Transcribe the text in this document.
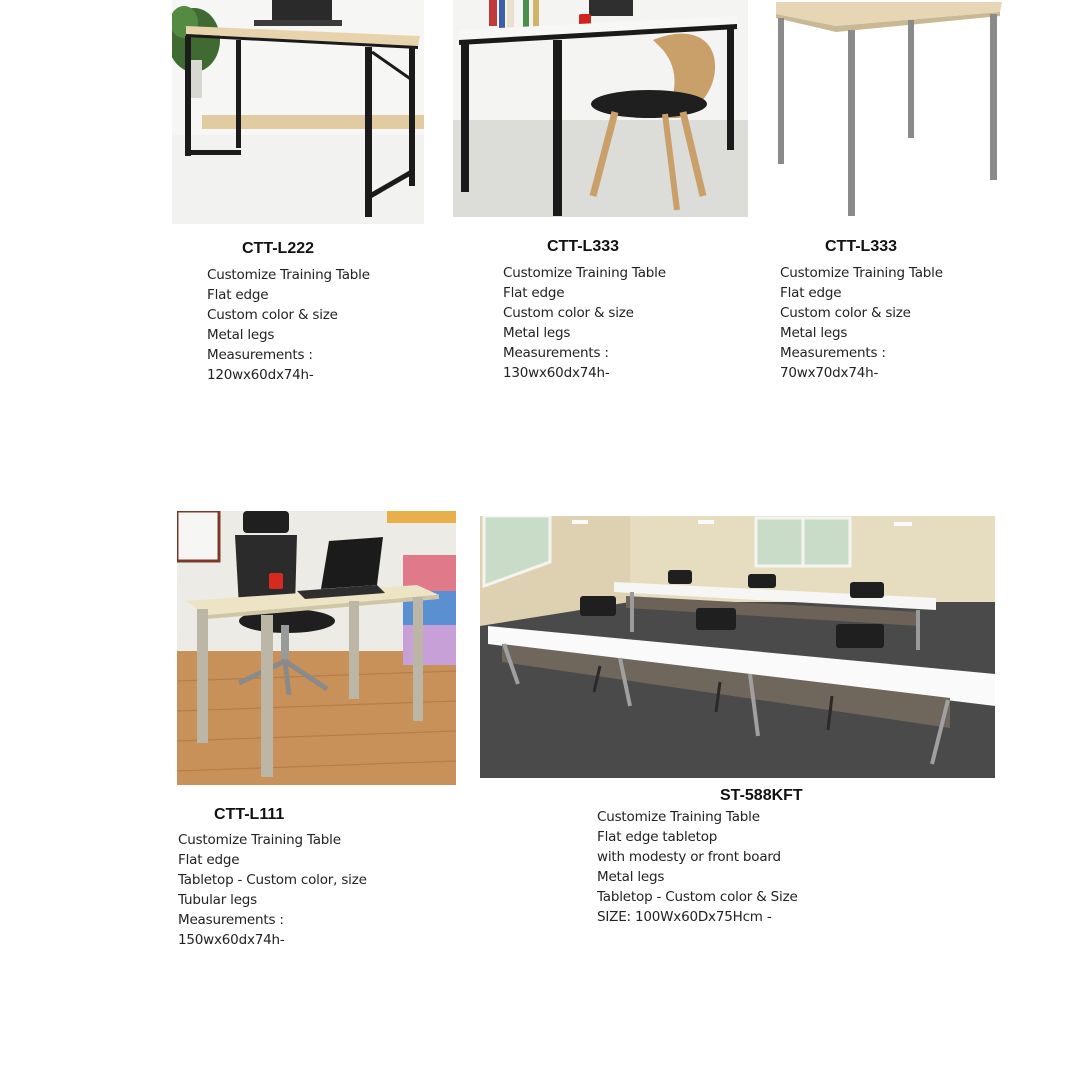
CTT-L222
Customize Training Table
Flat edge
Custom color & size
Metal legs
Measurements :
120wx60dx74h-
CTT-L333
Customize Training Table
Flat edge
Custom color & size
Metal legs
Measurements :
130wx60dx74h-
CTT-L333
Customize Training Table
Flat edge
Custom color & size
Metal legs
Measurements :
70wx70dx74h-
CTT-L111
Customize Training Table
Flat edge
Tabletop - Custom color, size
Tubular legs
Measurements :
150wx60dx74h-
ST-588KFT
Customize Training Table
Flat edge tabletop
with modesty or front board
Metal legs
Tabletop - Custom color & Size
SIZE: 100Wx60Dx75Hcm -
